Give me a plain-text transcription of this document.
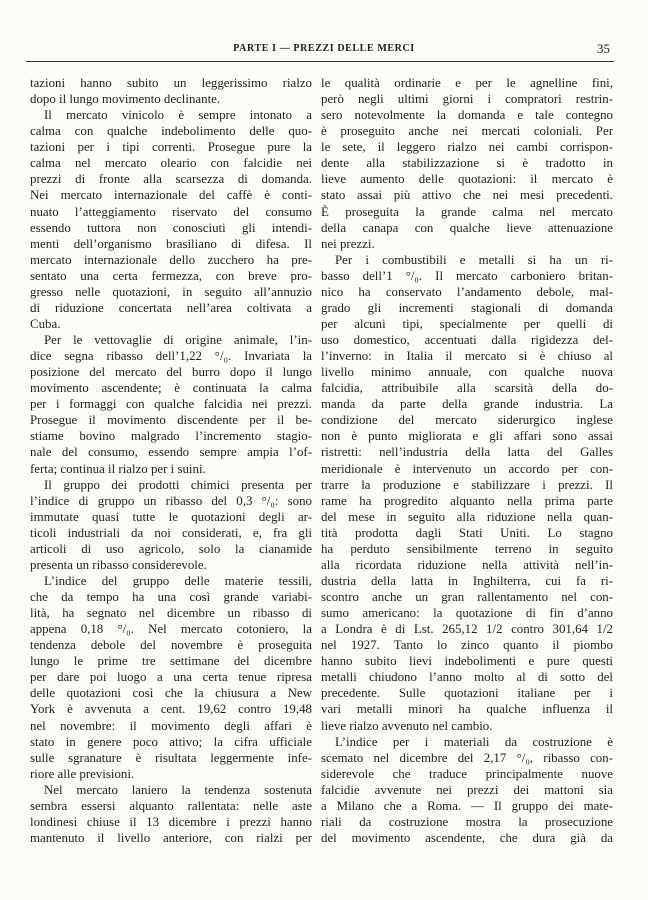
PARTE I — PREZZI DELLE MERCI	35
tazioni hanno subito un leggerissimo rialzo
dopo il lungo movimento declinante.
Il mercato vinicolo è sempre intonato a
calma con qualche indebolimento delle quo-
tazioni per i tipi correnti. Prosegue pure la
calma nel mercato oleario con falcidie nei
prezzi di fronte alla scarsezza di domanda.
Nei mercato internazionale del caffè è conti-
nuato l’atteggiamento riservato del consumo
essendo tuttora non conosciuti gli intendi-
menti dell’organismo brasiliano di difesa. Il
mercato internazionale dello zucchero ha pre-
sentato una certa fermezza, con breve pro-
gresso nelle quotazioni, in seguito all’annuzio
di riduzione concertata nell’area coltivata a
Cuba.
Per le vettovaglie di origine animale, l’in-
dice segna ribasso dell’1,22 °/₀. Invariata la
posizione del mercato del burro dopo il lungo
movimento ascendente; è continuata la calma
per i formaggi con qualche falcidia nei prezzi.
Prosegue il movimento discendente per il be-
stiame bovino malgrado l’incremento stagio-
nale del consumo, essendo sempre ampia l’of-
ferta; continua il rialzo per i suini.
Il gruppo dei prodotti chimici presenta per
l’indice di gruppo un ribasso del 0,3 °/₀: sono
immutate quasi tutte le quotazioni degli ar-
ticoli industriali da noi considerati, e, fra gli
articoli di uso agricolo, solo la cianamide
presenta un ribasso considerevole.
L’indice del gruppo delle materie tessili,
che da tempo ha una così grande variabi-
lità, ha segnato nel dicembre un ribasso di
appena 0,18 °/₀. Nel mercato cotoniero, la
tendenza debole del novembre è proseguita
lungo le prime tre settimane del dicembre
per dare poi luogo a una certa tenue ripresa
delle quotazioni così che la chiusura a New
York è avvenuta a cent. 19,62 contro 19,48
nel novembre: il movimento degli affari è
stato in genere poco attivo; la cifra ufficiale
sulle sgranature è risultata leggermente infe-
riore alle previsioni.
Nel mercato laniero la tendenza sostenuta
sembra essersi alquanto rallentata: nelle aste
londinesi chiuse il 13 dicembre i prezzi hanno
mantenuto il livello anteriore, con rialzi per
le qualità ordinarie e per le agnelline fini,
però negli ultimi giorni i compratori restrin-
sero notevolmente la domanda e tale contegno
è proseguito anche nei mercati coloniali. Per
le sete, il leggero rialzo nei cambi corrispon-
dente alla stabilizzazione si è tradotto in
lieve aumento delle quotazioni: il mercato è
stato assai più attivo che nei mesi precedenti.
È proseguita la grande calma nel mercato
della canapa con qualche lieve attenuazione
nei prezzi.
Per i combustibili e metalli si ha un ri-
basso dell’1 °/₀. Il mercato carboniero britan-
nico ha conservato l’andamento debole, mal-
grado gli incrementi stagionali di domanda
per alcuni tipi, specialmente per quelli di
uso domestico, accentuati dalla rigidezza del-
l’inverno: in Italia il mercato si è chiuso al
livello minimo annuale, con qualche nuova
falcidia, attribuibile alla scarsità della do-
manda da parte della grande industria. La
condizione del mercato siderurgico inglese
non è punto migliorata e gli affari sono assai
ristretti: nell’industria della latta del Galles
meridionale è intervenuto un accordo per con-
trarre la produzione e stabilizzare i prezzi. Il
rame ha progredito alquanto nella prima parte
del mese in seguito alla riduzione nella quan-
tità prodotta dagli Stati Uniti. Lo stagno
ha perduto sensibilmente terreno in seguito
alla ricordata riduzione nella attività nell’in-
dustria della latta in Inghilterra, cui fa ri-
scontro anche un gran rallentamento nel con-
sumo americano: la quotazione di fin d’anno
a Londra è di Lst. 265,12 1/2 contro 301,64 1/2
nel 1927. Tanto lo zinco quanto il piombo
hanno subito lievi indebolimenti e pure questi
metalli chiudono l’anno molto al di sotto del
precedente. Sulle quotazioni italiane per i
vari metalli minori ha qualche influenza il
lieve rialzo avvenuto nel cambio.
L’indice per i materiali da costruzione è
scemato nel dicembre del 2,17 °/₀, ribasso con-
siderevole che traduce principalmente nuove
falcidie avvenute nei prezzi dei mattoni sia
a Milano che a Roma. — Il gruppo dei mate-
riali da costruzione mostra la prosecuzione
del movimento ascendente, che dura già da
